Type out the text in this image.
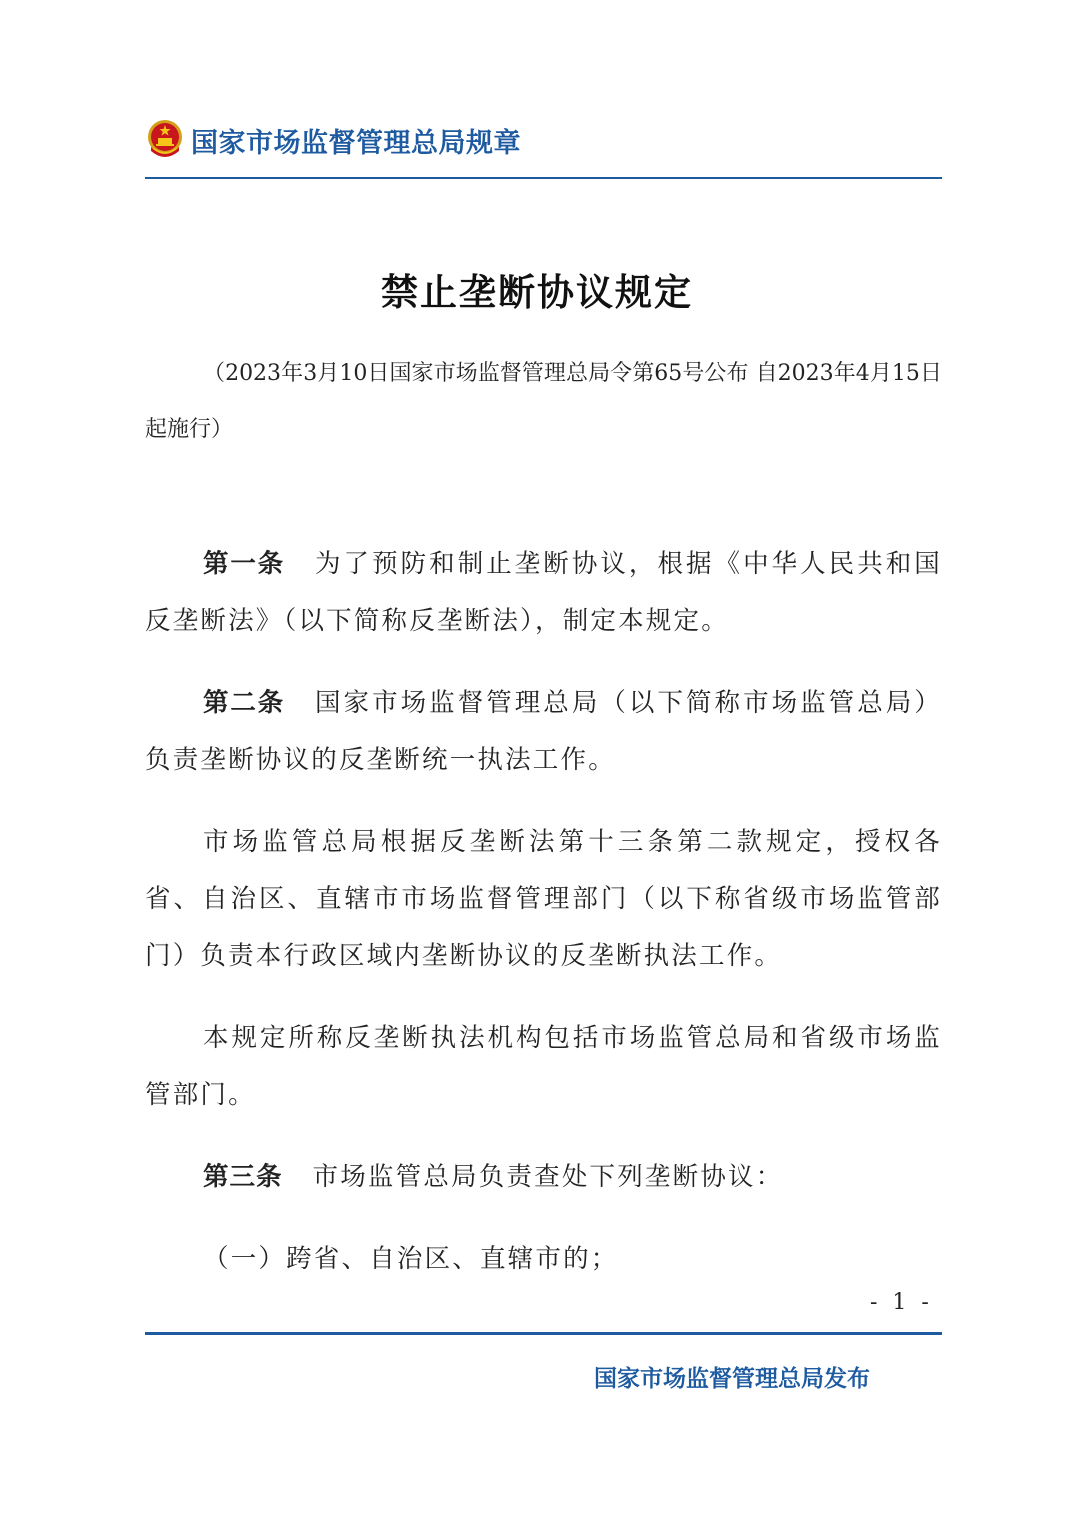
国家市场监督管理总局规章
禁止垄断协议规定
（2023年3月10日国家市场监督管理总局令第65号公布 自2023年4月15日起施行）

第一条 为了预防和制止垄断协议，根据《中华人民共和国反垄断法》（以下简称反垄断法），制定本规定。

第二条 国家市场监督管理总局（以下简称市场监管总局）负责垄断协议的反垄断统一执法工作。

市场监管总局根据反垄断法第十三条第二款规定，授权各省、自治区、直辖市市场监督管理部门（以下称省级市场监管部门）负责本行政区域内垄断协议的反垄断执法工作。

本规定所称反垄断执法机构包括市场监管总局和省级市场监管部门。

第三条 市场监管总局负责查处下列垄断协议：

（一）跨省、自治区、直辖市的；

- 1 -
国家市场监督管理总局发布
